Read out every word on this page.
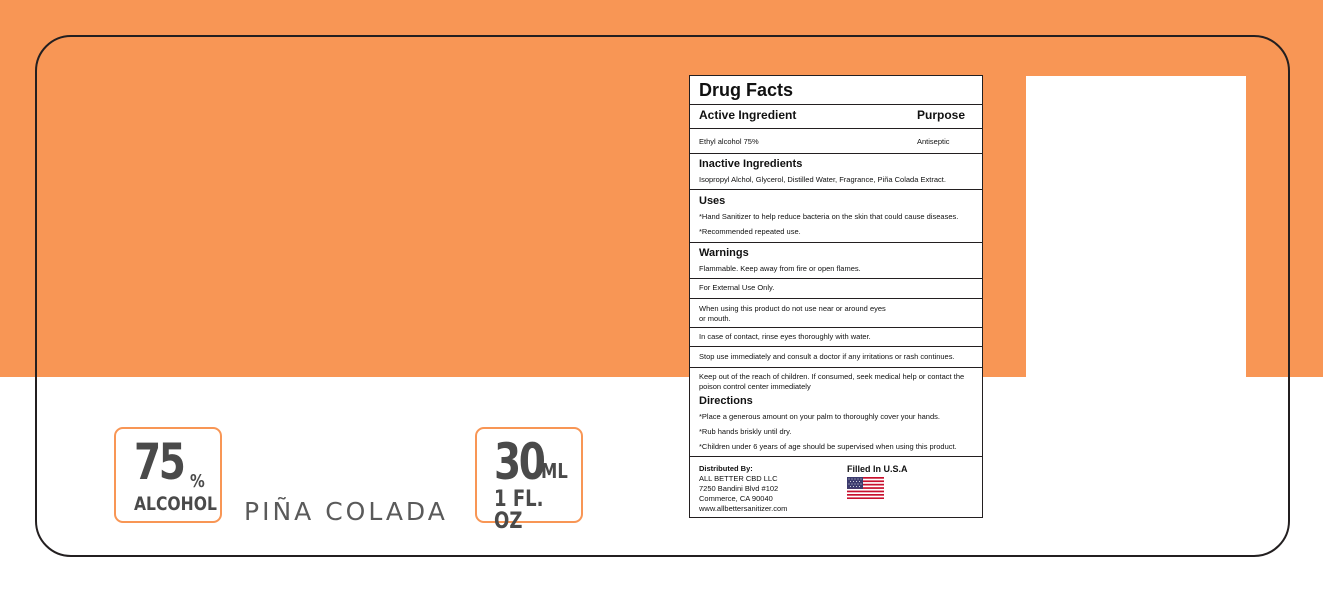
75 %
ALCOHOL PIÑA COLADA
30
ML
1 FL. OZ
Drug Facts
Active Ingredient	Purpose
Ethyl alcohol 75%	Antiseptic
Inactive Ingredients
Isopropyl Alchol, Glycerol, Distilled Water, Fragrance, Piña Colada Extract.
Uses
*Hand Sanitizer to help reduce bacteria on the skin that could cause diseases.
*Recommended repeated use.
Warnings
Flammable. Keep away from fire or open flames.
For External Use Only.
When using this product do not use near or around eyes or mouth.
In case of contact, rinse eyes thoroughly with water.
Stop use immediately and consult a doctor if any irritations or rash continues.
Keep out of the reach of children. If consumed, seek medical help or contact the poison control center immediately
Directions
*Place a generous amount on your palm to thoroughly cover your hands.
*Rub hands briskly until dry.
*Children under 6 years of age should be supervised when using this product.
Distributed By:
ALL BETTER CBD LLC
7250 Bandini Blvd #102
Commerce, CA 90040
www.allbettersanitizer.com
Filled In U.S.A
